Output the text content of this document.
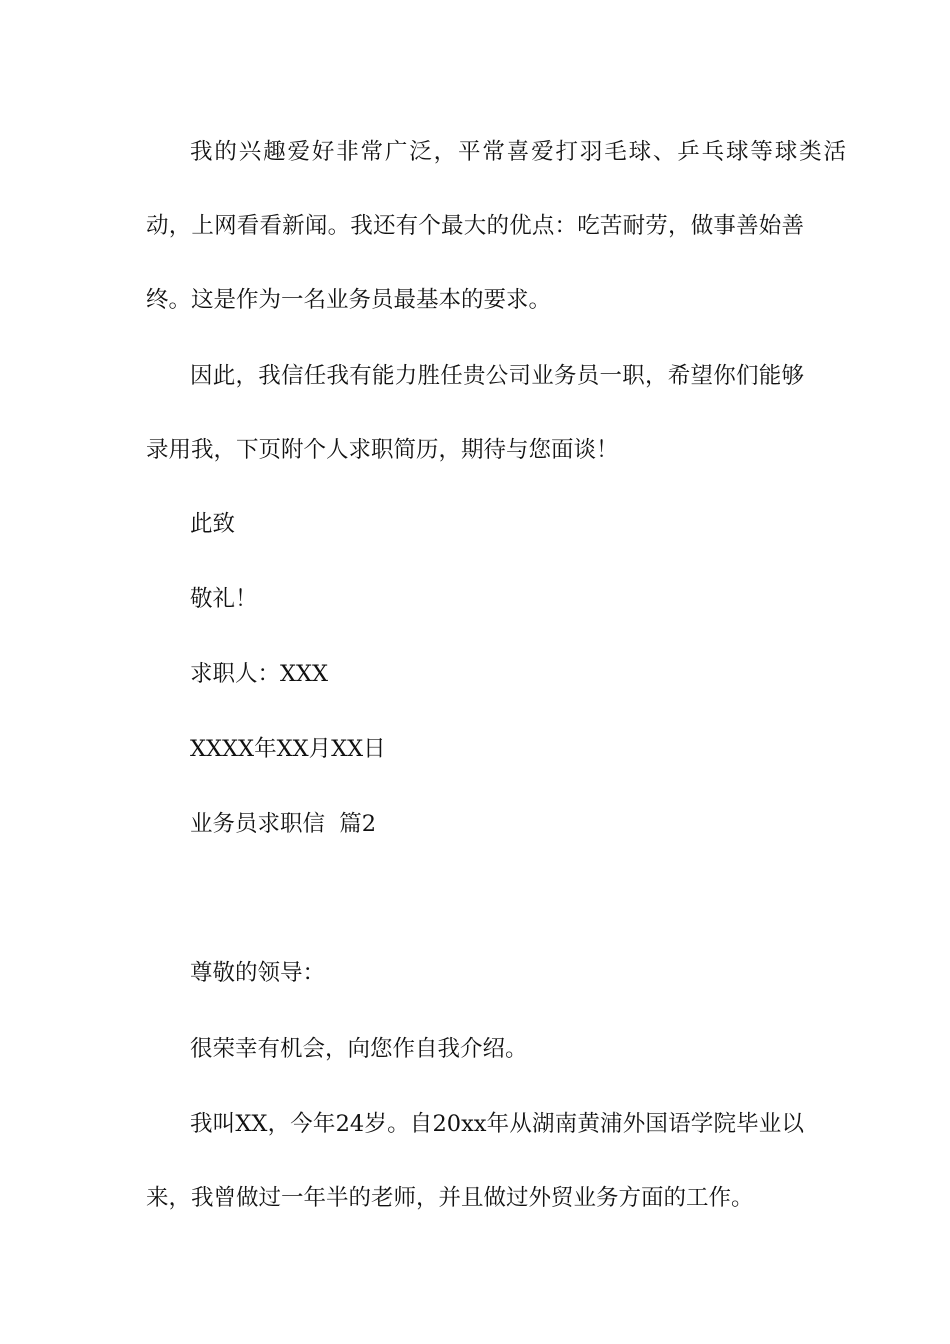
我的兴趣爱好非常广泛，平常喜爱打羽毛球、乒乓球等球类活
动，上网看看新闻。我还有个最大的优点：吃苦耐劳，做事善始善
终。这是作为一名业务员最基本的要求。
因此，我信任我有能力胜任贵公司业务员一职，希望你们能够
录用我，下页附个人求职简历，期待与您面谈！
此致
敬礼！
求职人：XXX
XXXX年XX月XX日
业务员求职信  篇2
尊敬的领导：
很荣幸有机会，向您作自我介绍。
我叫XX，今年24岁。自20xx年从湖南黄浦外国语学院毕业以
来，我曾做过一年半的老师，并且做过外贸业务方面的工作。
